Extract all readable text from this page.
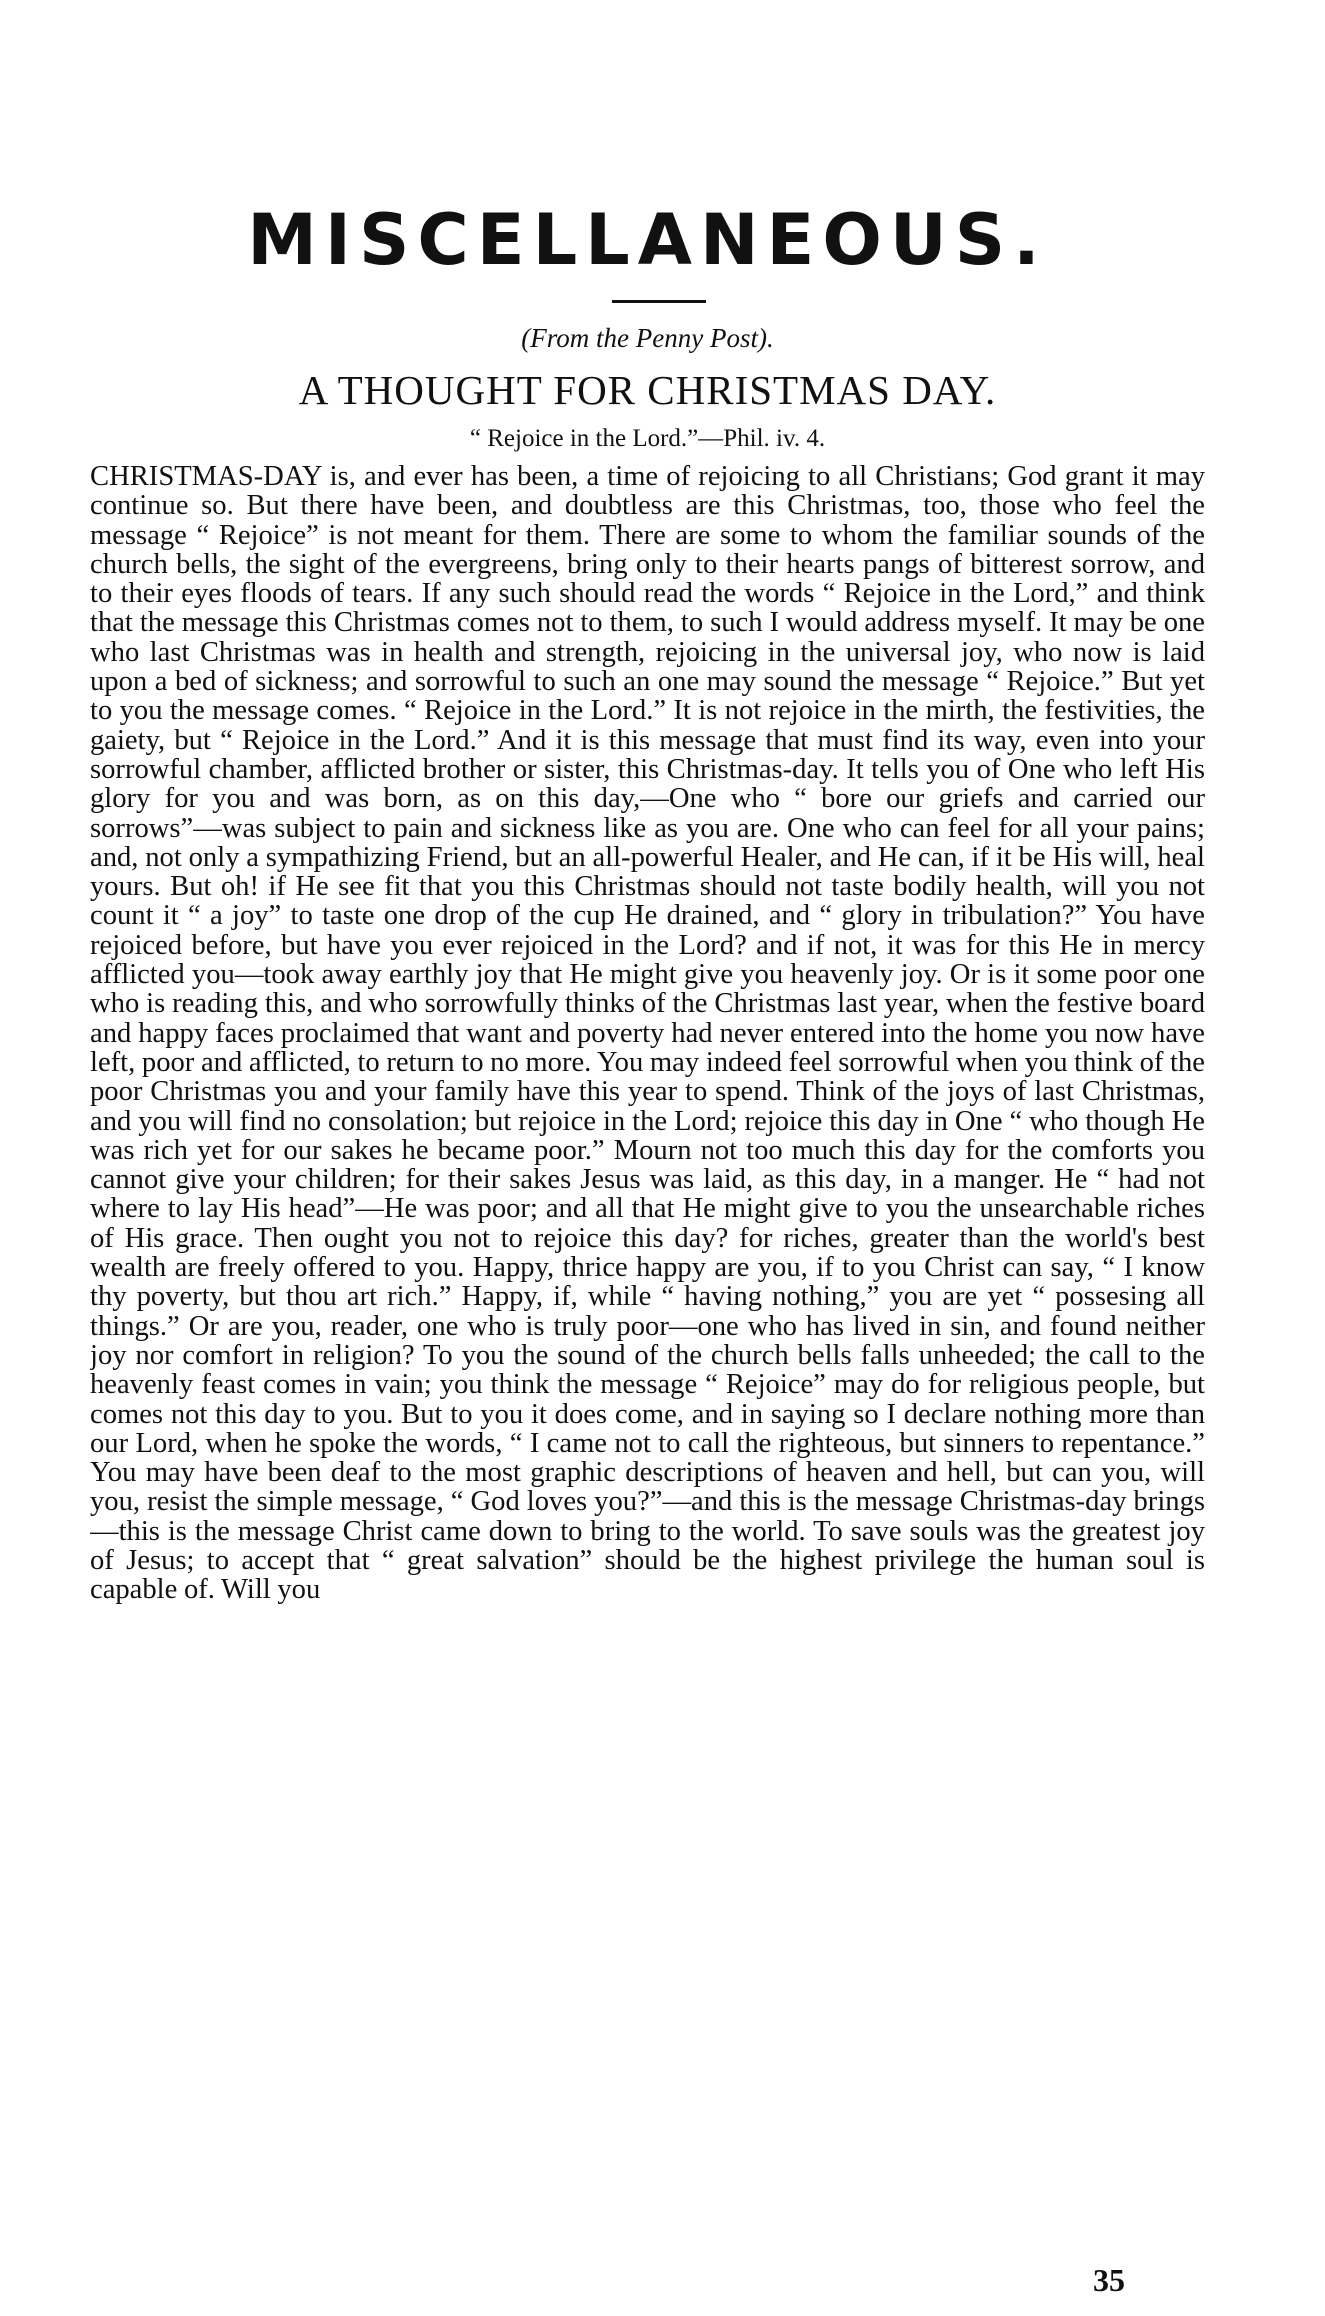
MISCELLANEOUS.
(From the Penny Post).
A THOUGHT FOR CHRISTMAS DAY.
“ Rejoice in the Lord.”—Phil. iv. 4.
CHRISTMAS-DAY is, and ever has been, a time of rejoicing to all Christians; God grant it may continue so. But there have been, and doubtless are this Christmas, too, those who feel the message “ Rejoice” is not meant for them. There are some to whom the familiar sounds of the church bells, the sight of the evergreens, bring only to their hearts pangs of bitterest sorrow, and to their eyes floods of tears. If any such should read the words “ Rejoice in the Lord,” and think that the message this Christmas comes not to them, to such I would address myself. It may be one who last Christmas was in health and strength, rejoicing in the universal joy, who now is laid upon a bed of sickness; and sorrowful to such an one may sound the message “ Rejoice.” But yet to you the message comes. “ Rejoice in the Lord.” It is not rejoice in the mirth, the festivities, the gaiety, but “ Rejoice in the Lord.” And it is this message that must find its way, even into your sorrowful chamber, afflicted brother or sister, this Christmas-day. It tells you of One who left His glory for you and was born, as on this day,—One who “ bore our griefs and carried our sorrows”—was subject to pain and sickness like as you are. One who can feel for all your pains; and, not only a sympathizing Friend, but an all-powerful Healer, and He can, if it be His will, heal yours. But oh! if He see fit that you this Christmas should not taste bodily health, will you not count it “ a joy” to taste one drop of the cup He drained, and “ glory in tribulation?” You have rejoiced before, but have you ever rejoiced in the Lord? and if not, it was for this He in mercy afflicted you—took away earthly joy that He might give you heavenly joy. Or is it some poor one who is reading this, and who sorrowfully thinks of the Christmas last year, when the festive board and happy faces proclaimed that want and poverty had never entered into the home you now have left, poor and afflicted, to return to no more. You may indeed feel sorrowful when you think of the poor Christmas you and your family have this year to spend. Think of the joys of last Christmas, and you will find no consolation; but rejoice in the Lord; rejoice this day in One “ who though He was rich yet for our sakes he became poor.” Mourn not too much this day for the comforts you cannot give your children; for their sakes Jesus was laid, as this day, in a manger. He “ had not where to lay His head”—He was poor; and all that He might give to you the unsearchable riches of His grace. Then ought you not to rejoice this day? for riches, greater than the world's best wealth are freely offered to you. Happy, thrice happy are you, if to you Christ can say, “ I know thy poverty, but thou art rich.” Happy, if, while “ having nothing,” you are yet “ possesing all things.” Or are you, reader, one who is truly poor—one who has lived in sin, and found neither joy nor comfort in religion? To you the sound of the church bells falls unheeded; the call to the heavenly feast comes in vain; you think the message “ Rejoice” may do for religious people, but comes not this day to you. But to you it does come, and in saying so I declare nothing more than our Lord, when he spoke the words, “ I came not to call the righteous, but sinners to repentance.” You may have been deaf to the most graphic descriptions of heaven and hell, but can you, will you, resist the simple message, “ God loves you?”—and this is the message Christmas-day brings—this is the message Christ came down to bring to the world. To save souls was the greatest joy of Jesus; to accept that “ great salvation” should be the highest privilege the human soul is capable of. Will you
35
